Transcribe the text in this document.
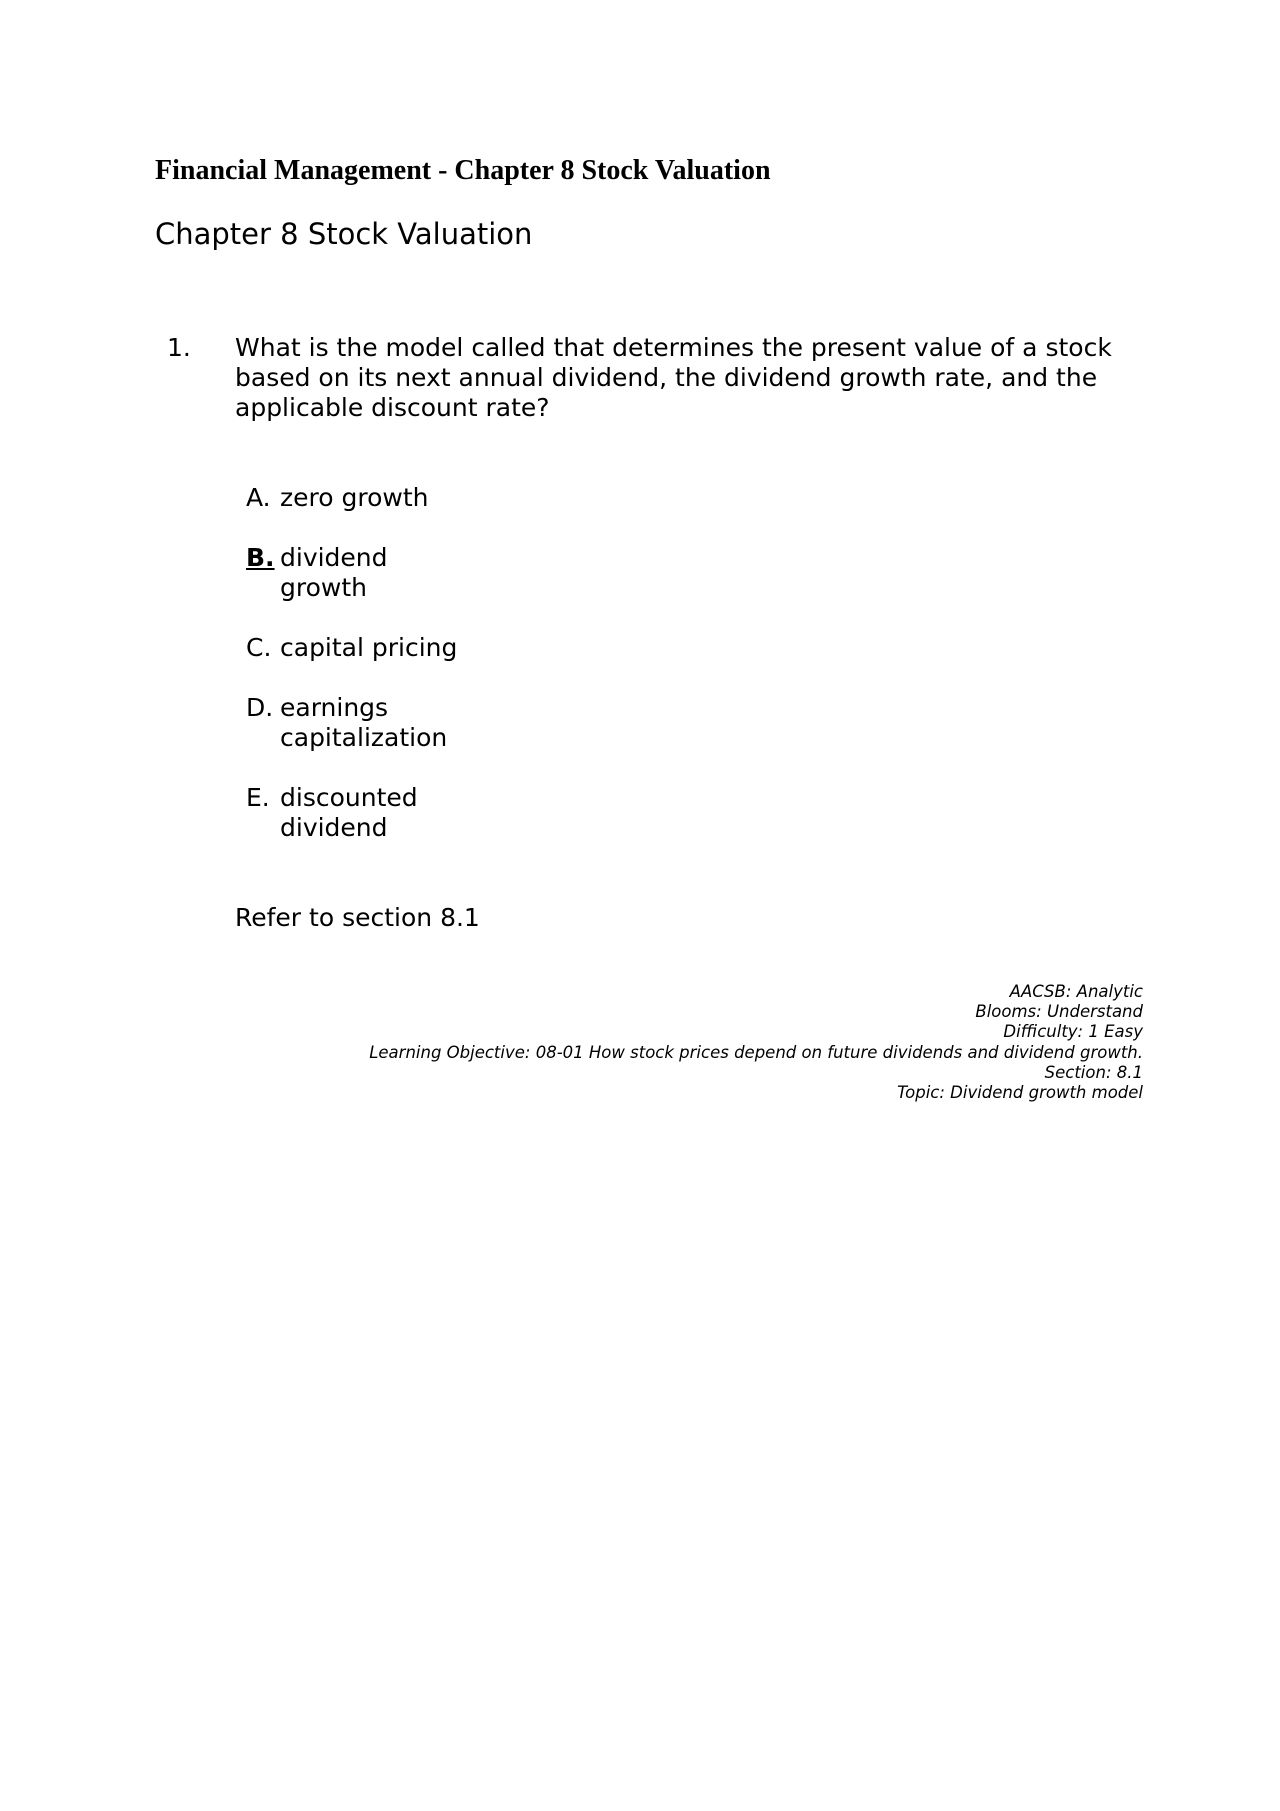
Financial Management - Chapter 8 Stock Valuation
Chapter 8 Stock Valuation
1. What is the model called that determines the present value of a stock based on its next annual dividend, the dividend growth rate, and the applicable discount rate?

A. zero growth
B. dividend growth
C. capital pricing
D. earnings capitalization
E. discounted dividend

Refer to section 8.1

AACSB: Analytic
Blooms: Understand
Difficulty: 1 Easy
Learning Objective: 08-01 How stock prices depend on future dividends and dividend growth.
Section: 8.1
Topic: Dividend growth model
